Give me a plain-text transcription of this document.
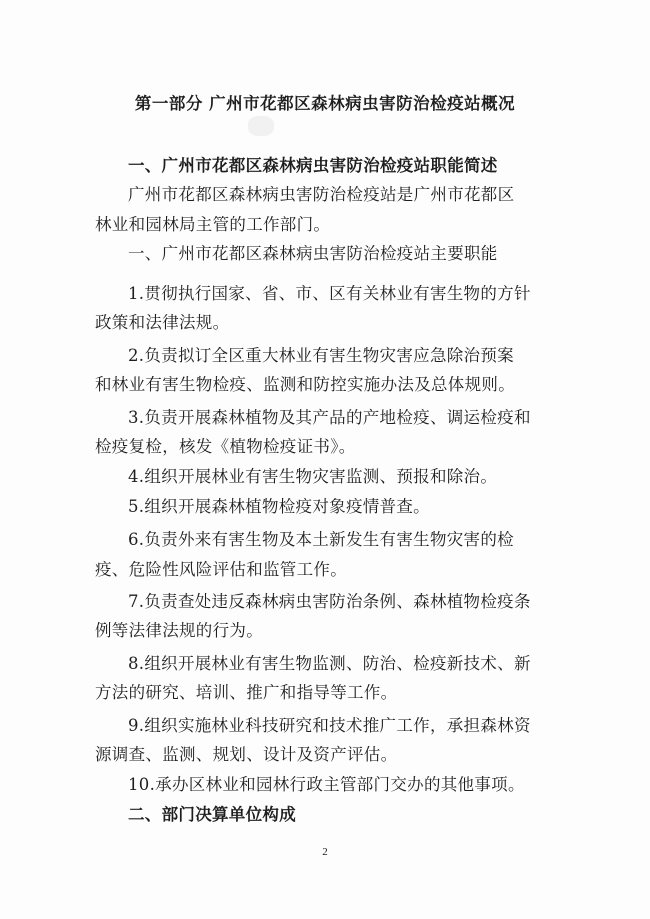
第一部分 广州市花都区森林病虫害防治检疫站概况
一、广州市花都区森林病虫害防治检疫站职能简述
广州市花都区森林病虫害防治检疫站是广州市花都区
林业和园林局主管的工作部门。
一、广州市花都区森林病虫害防治检疫站主要职能
1.贯彻执行国家、省、市、区有关林业有害生物的方针
政策和法律法规。
2.负责拟订全区重大林业有害生物灾害应急除治预案
和林业有害生物检疫、监测和防控实施办法及总体规则。
3.负责开展森林植物及其产品的产地检疫、调运检疫和
检疫复检，核发《植物检疫证书》。
4.组织开展林业有害生物灾害监测、预报和除治。
5.组织开展森林植物检疫对象疫情普查。
6.负责外来有害生物及本土新发生有害生物灾害的检
疫、危险性风险评估和监管工作。
7.负责查处违反森林病虫害防治条例、森林植物检疫条
例等法律法规的行为。
8.组织开展林业有害生物监测、防治、检疫新技术、新
方法的研究、培训、推广和指导等工作。
9.组织实施林业科技研究和技术推广工作，承担森林资
源调查、监测、规划、设计及资产评估。
10.承办区林业和园林行政主管部门交办的其他事项。
二、部门决算单位构成
2
